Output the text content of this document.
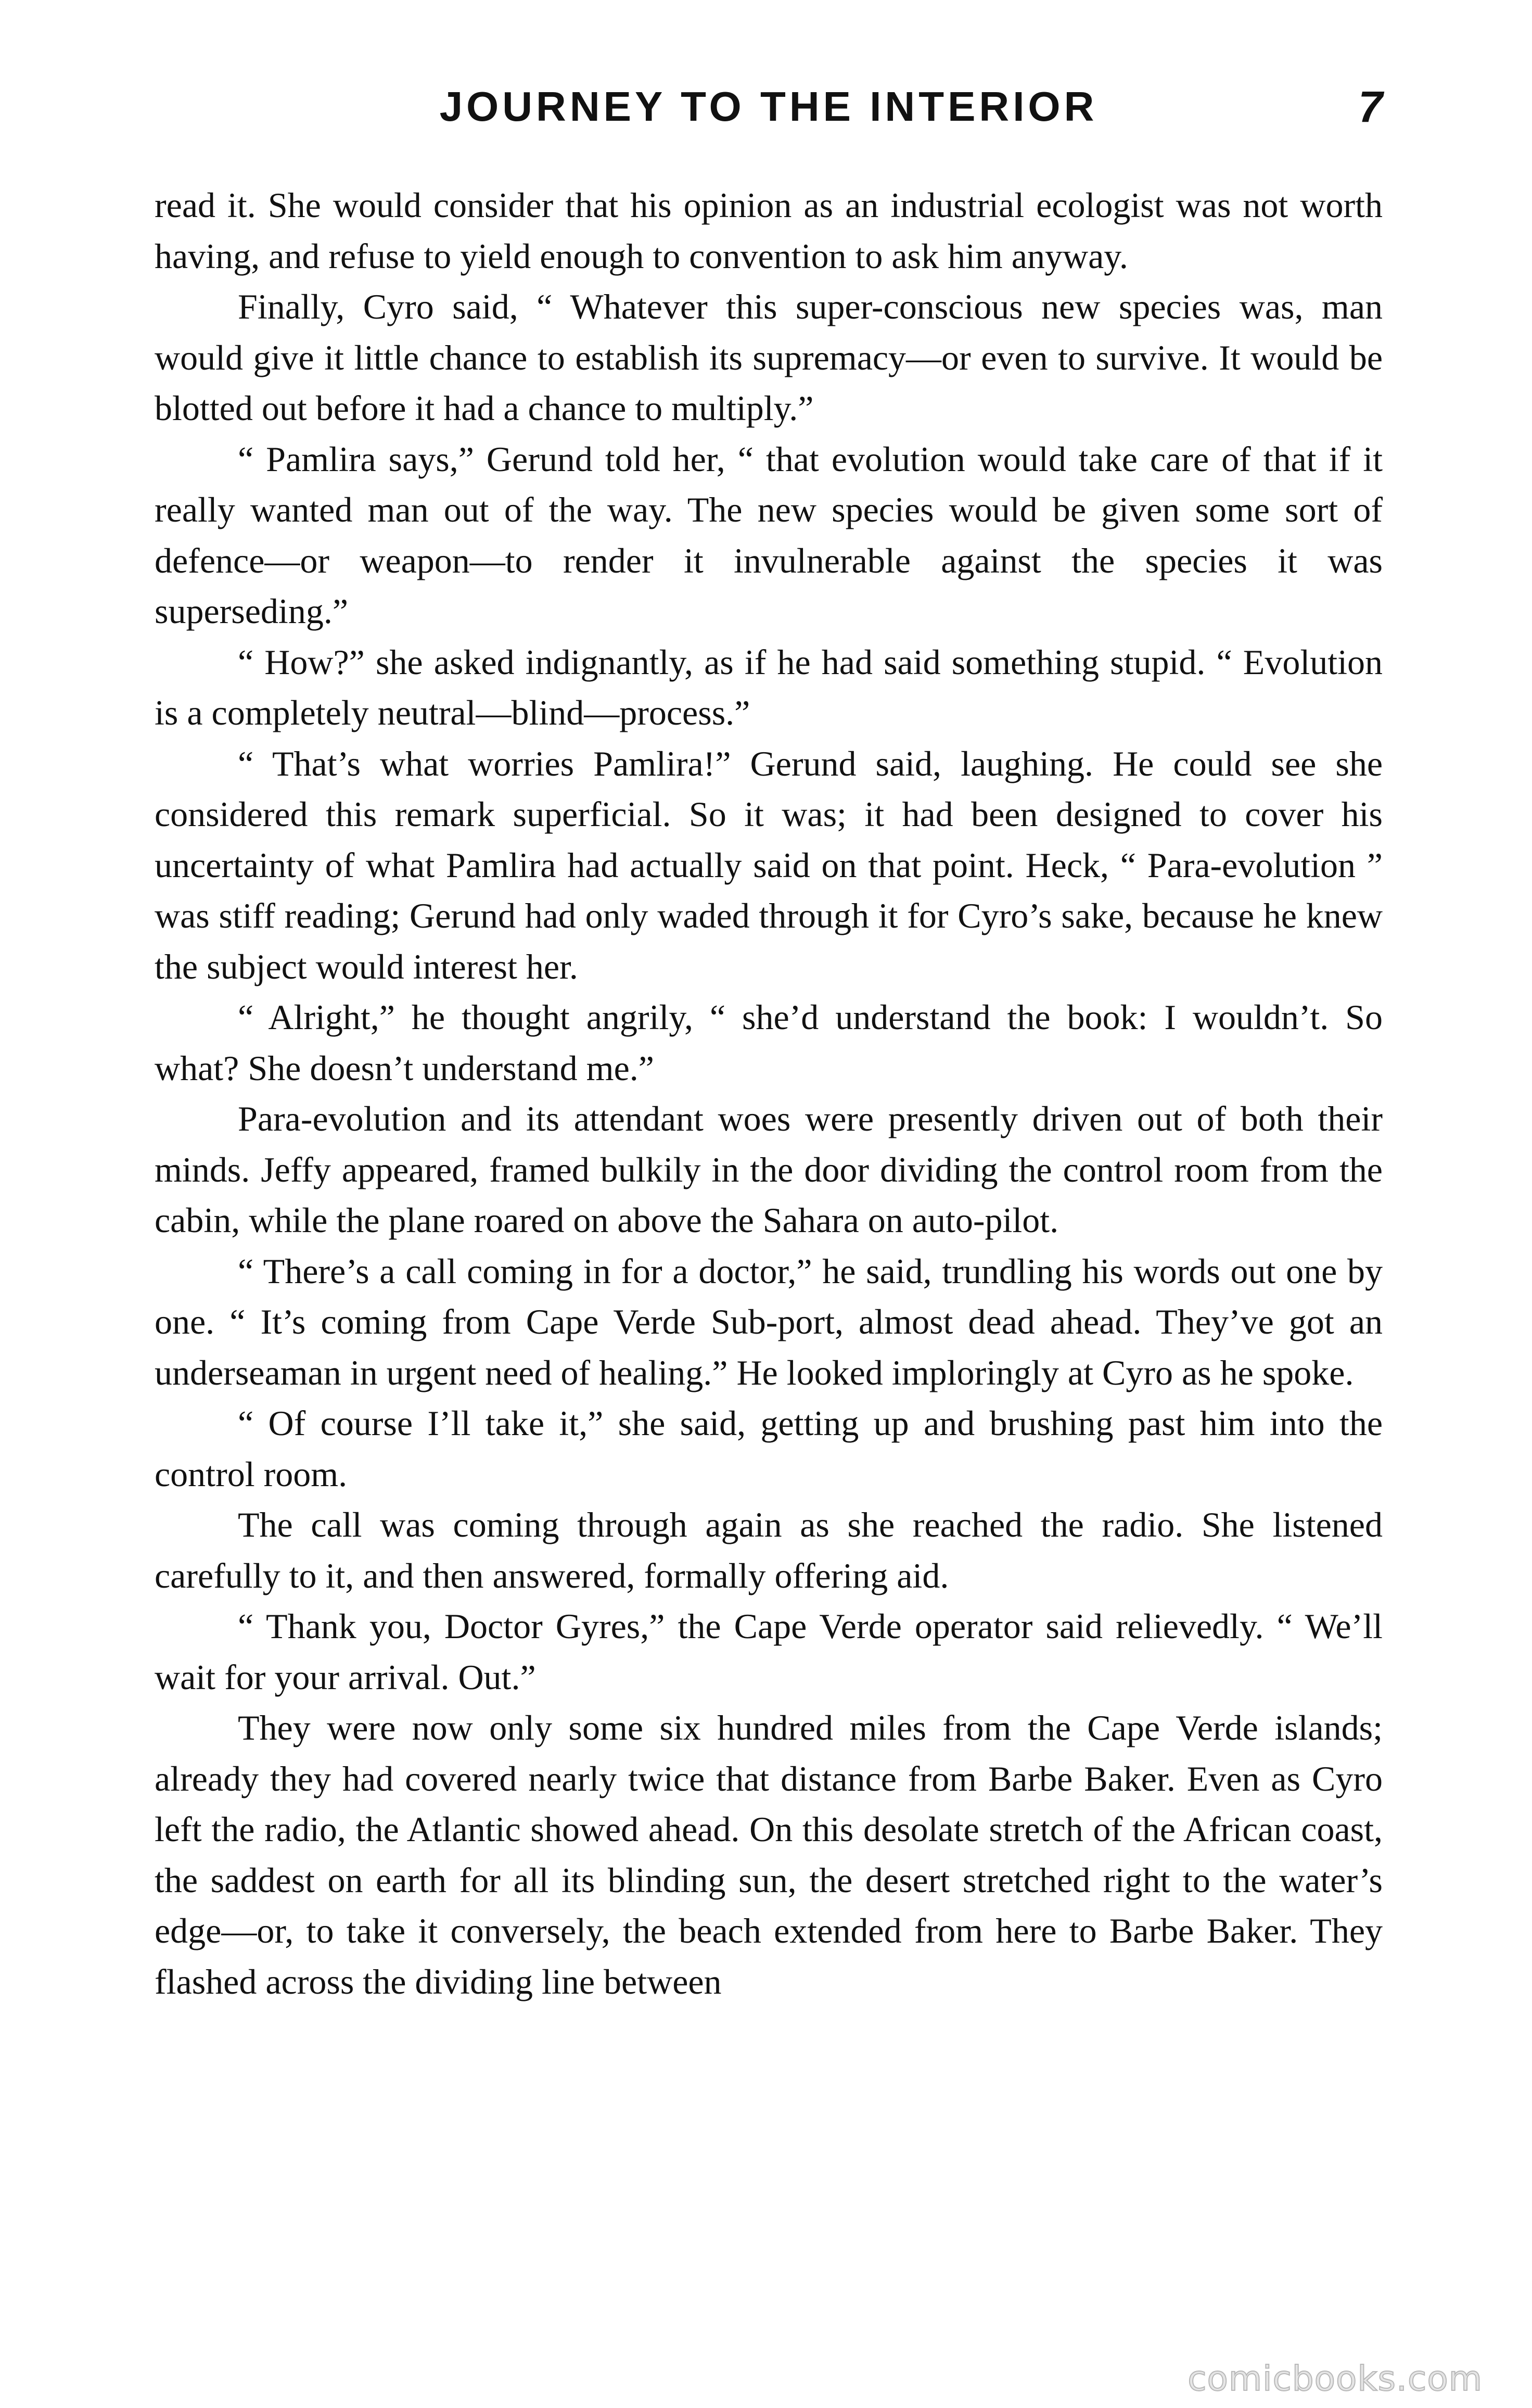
JOURNEY TO THE INTERIOR	7

read it. She would consider that his opinion as an industrial ecologist was not worth having, and refuse to yield enough to convention to ask him anyway.

Finally, Cyro said, “ Whatever this super-conscious new species was, man would give it little chance to establish its supremacy—or even to survive. It would be blotted out before it had a chance to multiply.”

“ Pamlira says,” Gerund told her, “ that evolution would take care of that if it really wanted man out of the way. The new species would be given some sort of defence—or weapon—to render it invulnerable against the species it was superseding.”

“ How?” she asked indignantly, as if he had said something stupid. “ Evolution is a completely neutral—blind—process.”

“ That’s what worries Pamlira!” Gerund said, laughing. He could see she considered this remark superficial. So it was; it had been designed to cover his uncertainty of what Pamlira had actually said on that point. Heck, “ Para-evolution ” was stiff reading; Gerund had only waded through it for Cyro’s sake, because he knew the subject would interest her.

“ Alright,” he thought angrily, “ she’d understand the book: I wouldn’t. So what? She doesn’t understand me.”

Para-evolution and its attendant woes were presently driven out of both their minds. Jeffy appeared, framed bulkily in the door dividing the control room from the cabin, while the plane roared on above the Sahara on auto-pilot.

“ There’s a call coming in for a doctor,” he said, trundling his words out one by one. “ It’s coming from Cape Verde Sub-port, almost dead ahead. They’ve got an underseaman in urgent need of healing.” He looked imploringly at Cyro as he spoke.

“ Of course I’ll take it,” she said, getting up and brushing past him into the control room.

The call was coming through again as she reached the radio. She listened carefully to it, and then answered, formally offering aid.

“ Thank you, Doctor Gyres,” the Cape Verde operator said relievedly. “ We’ll wait for your arrival. Out.”

They were now only some six hundred miles from the Cape Verde islands; already they had covered nearly twice that distance from Barbe Baker. Even as Cyro left the radio, the Atlantic showed ahead. On this desolate stretch of the African coast, the saddest on earth for all its blinding sun, the desert stretched right to the water’s edge—or, to take it conversely, the beach extended from here to Barbe Baker. They flashed across the dividing line between

comicbooks.com
